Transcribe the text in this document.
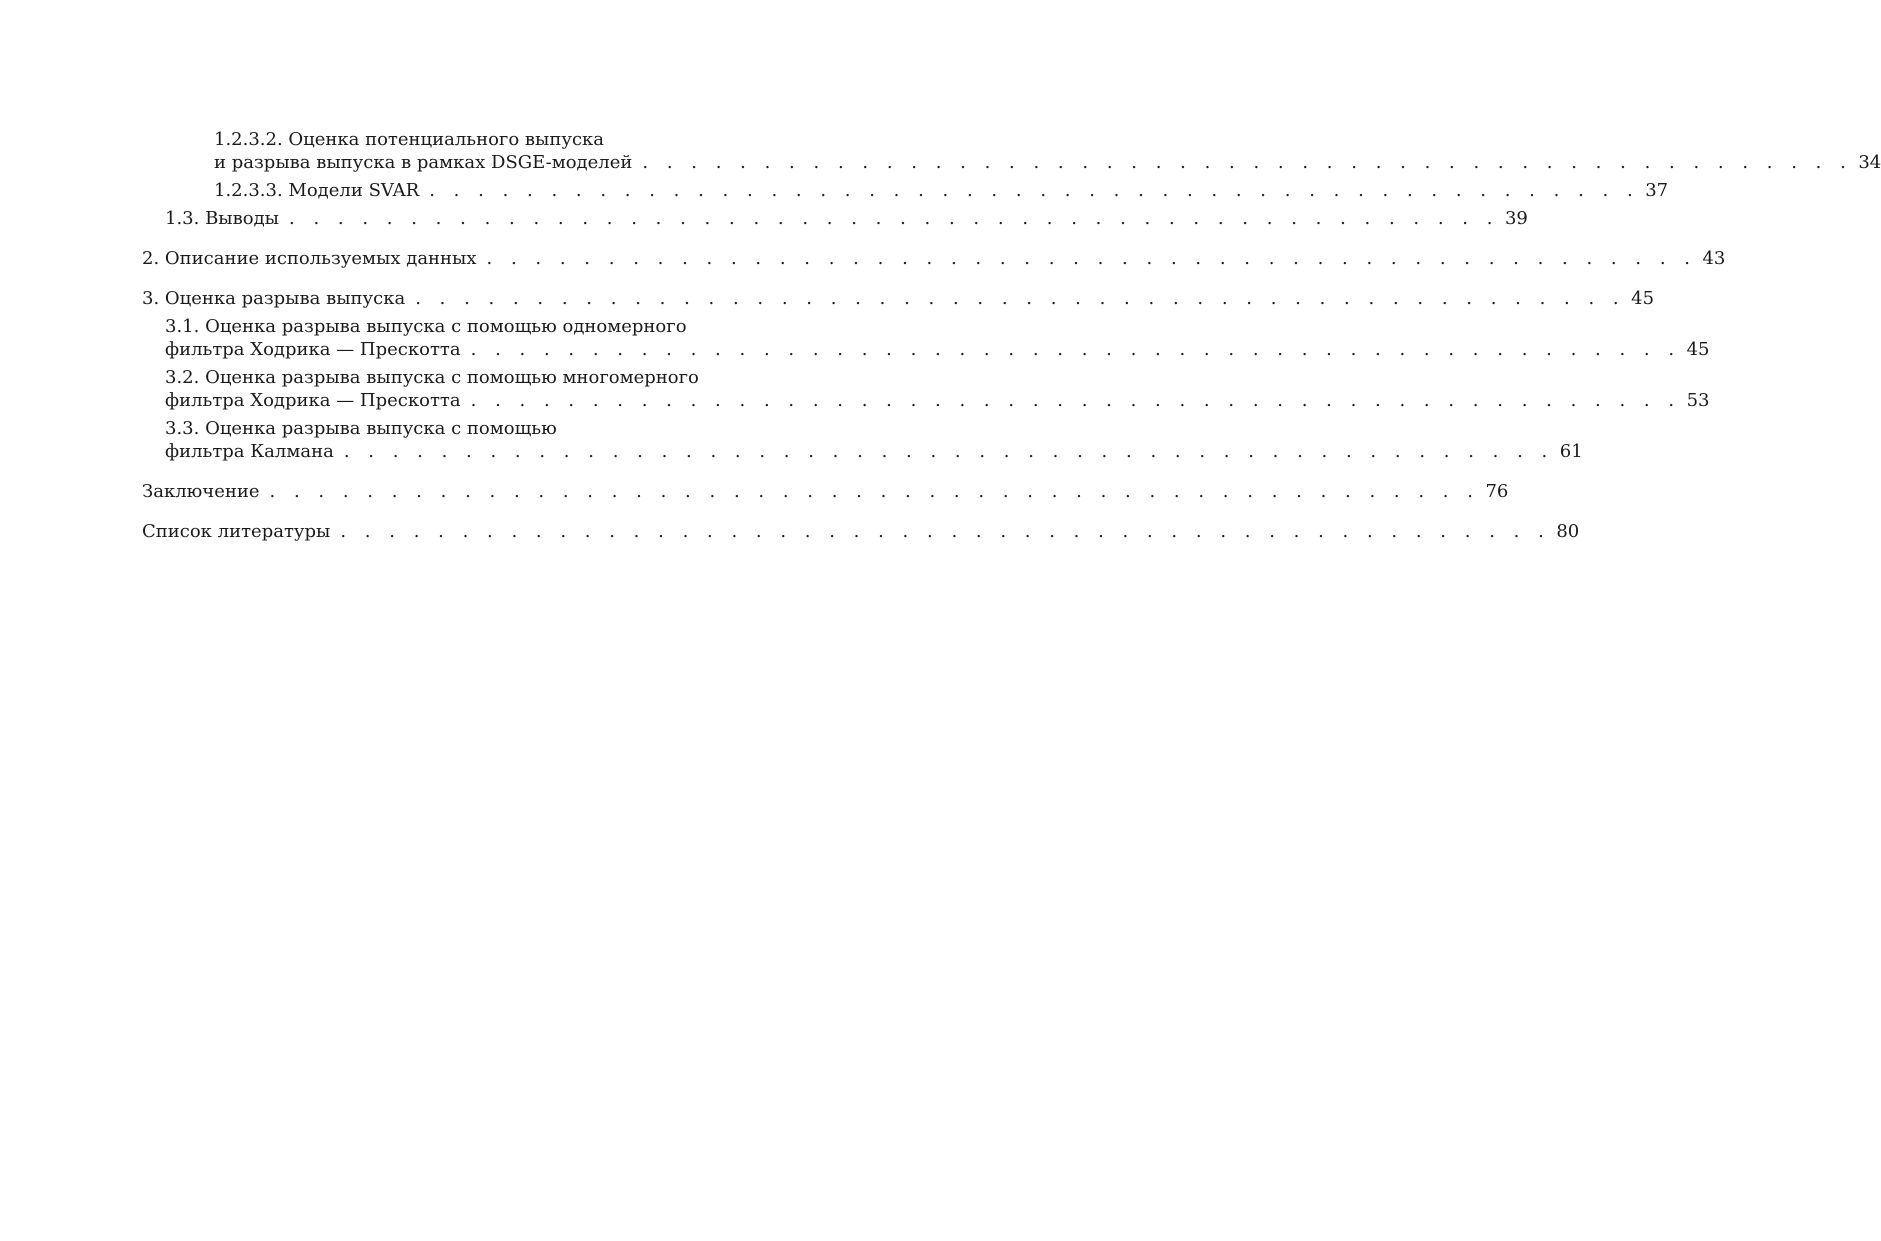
1.2.3.2. Оценка потенциального выпуска
и разрыва выпуска в рамках DSGE-моделей . . . . . . . . . . . . . . . . . . . . . . . . . . . . . . . . . . . . . . . . . . . . . . . . . . 34
1.2.3.3. Модели SVAR . . . . . . . . . . . . . . . . . . . . . . . . . . . . . . . . . . . . . . . . . . . . . . . . . . 37
1.3. Выводы . . . . . . . . . . . . . . . . . . . . . . . . . . . . . . . . . . . . . . . . . . . . . . . . . . 39
2. Описание используемых данных . . . . . . . . . . . . . . . . . . . . . . . . . . . . . . . . . . . . . . . . . . . . . . . . . . 43
3. Оценка разрыва выпуска . . . . . . . . . . . . . . . . . . . . . . . . . . . . . . . . . . . . . . . . . . . . . . . . . . 45
3.1. Оценка разрыва выпуска с помощью одномерного
фильтра Ходрика — Прескотта . . . . . . . . . . . . . . . . . . . . . . . . . . . . . . . . . . . . . . . . . . . . . . . . . . 45
3.2. Оценка разрыва выпуска с помощью многомерного
фильтра Ходрика — Прескотта . . . . . . . . . . . . . . . . . . . . . . . . . . . . . . . . . . . . . . . . . . . . . . . . . . 53
3.3. Оценка разрыва выпуска с помощью
фильтра Калмана . . . . . . . . . . . . . . . . . . . . . . . . . . . . . . . . . . . . . . . . . . . . . . . . . . 61
Заключение . . . . . . . . . . . . . . . . . . . . . . . . . . . . . . . . . . . . . . . . . . . . . . . . . . 76
Список литературы . . . . . . . . . . . . . . . . . . . . . . . . . . . . . . . . . . . . . . . . . . . . . . . . . . 80
